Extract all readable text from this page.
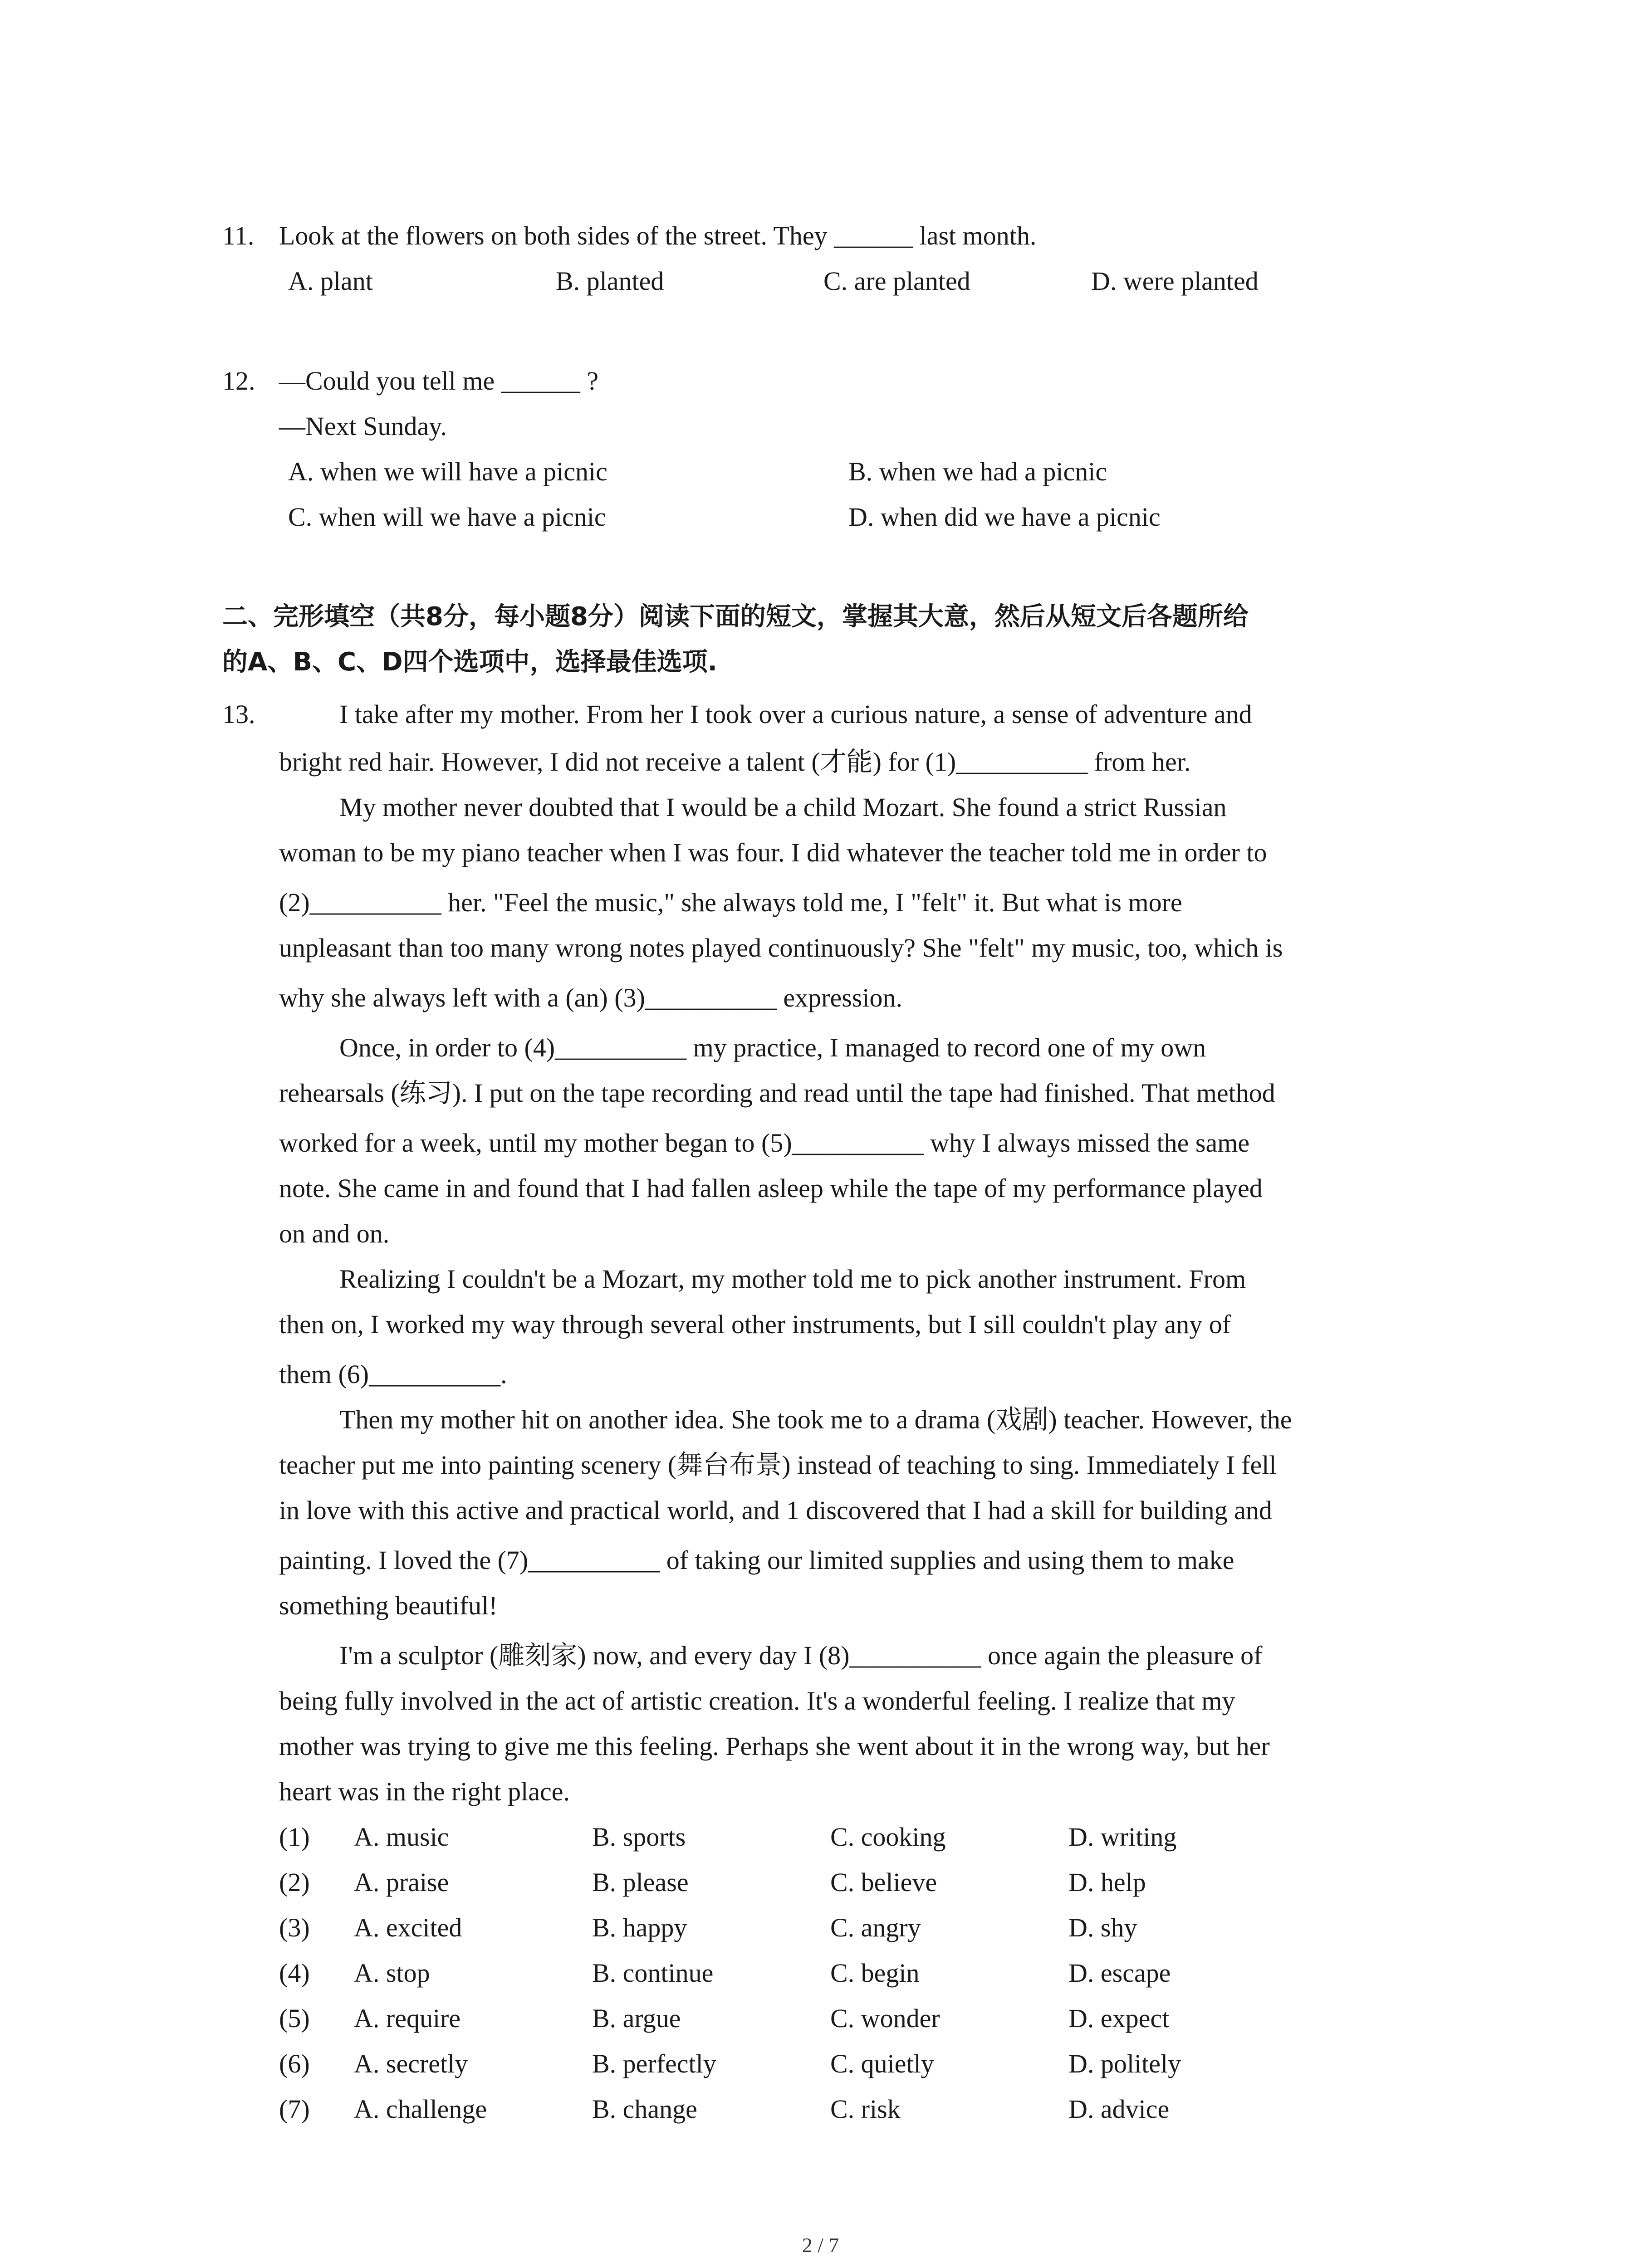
11. Look at the flowers on both sides of the street. They ______ last month.
A. plant	B. planted	C. are planted	D. were planted
12. —Could you tell me ______ ?
—Next Sunday.
A. when we will have a picnic	B. when we had a picnic
C. when will we have a picnic	D. when did we have a picnic
二、完形填空（共8分，每小题8分）阅读下面的短文，掌握其大意，然后从短文后各题所给
的A、B、C、D四个选项中，选择最佳选项.
13.	I take after my mother. From her I took over a curious nature, a sense of adventure and
bright red hair. However, I did not receive a talent (才能) for (1)__________ from her.
My mother never doubted that I would be a child Mozart. She found a strict Russian
woman to be my piano teacher when I was four. I did whatever the teacher told me in order to
(2)__________ her. "Feel the music," she always told me, I "felt" it. But what is more
unpleasant than too many wrong notes played continuously? She "felt" my music, too, which is
why she always left with a (an) (3)__________ expression.
Once, in order to (4)__________ my practice, I managed to record one of my own
rehearsals (练习). I put on the tape recording and read until the tape had finished. That method
worked for a week, until my mother began to (5)__________ why I always missed the same
note. She came in and found that I had fallen asleep while the tape of my performance played
on and on.
Realizing I couldn't be a Mozart, my mother told me to pick another instrument. From
then on, I worked my way through several other instruments, but I sill couldn't play any of
them (6)__________.
Then my mother hit on another idea. She took me to a drama (戏剧) teacher. However, the
teacher put me into painting scenery (舞台布景) instead of teaching to sing. Immediately I fell
in love with this active and practical world, and 1 discovered that I had a skill for building and
painting. I loved the (7)__________ of taking our limited supplies and using them to make
something beautiful!
I'm a sculptor (雕刻家) now, and every day I (8)__________ once again the pleasure of
being fully involved in the act of artistic creation. It's a wonderful feeling. I realize that my
mother was trying to give me this feeling. Perhaps she went about it in the wrong way, but her
heart was in the right place.
(1) A. music	B. sports	C. cooking	D. writing
(2) A. praise	B. please	C. believe	D. help
(3) A. excited	B. happy	C. angry	D. shy
(4) A. stop	B. continue	C. begin	D. escape
(5) A. require	B. argue	C. wonder	D. expect
(6) A. secretly	B. perfectly	C. quietly	D. politely
(7) A. challenge	B. change	C. risk	D. advice
2 / 7
